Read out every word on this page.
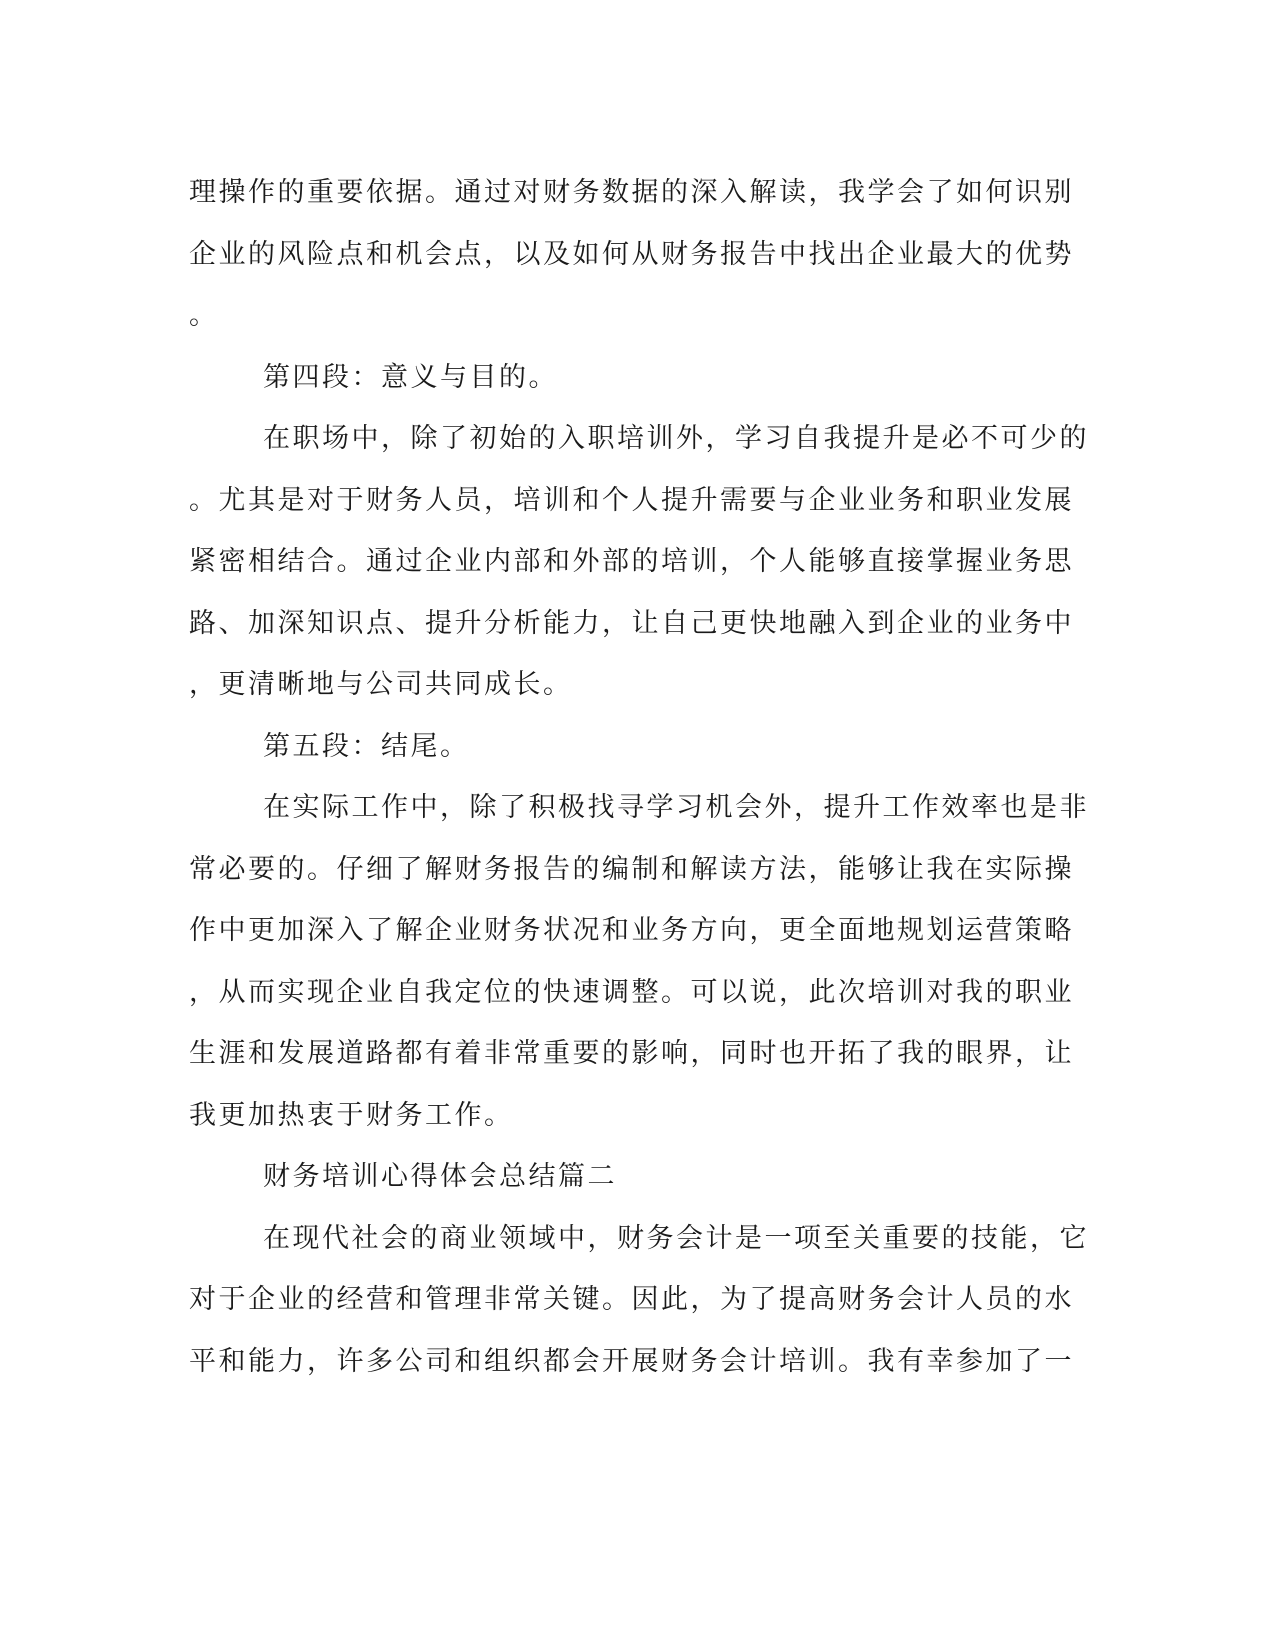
理操作的重要依据。通过对财务数据的深入解读，我学会了如何识别
企业的风险点和机会点，以及如何从财务报告中找出企业最大的优势
。
第四段：意义与目的。
在职场中，除了初始的入职培训外，学习自我提升是必不可少的
。尤其是对于财务人员，培训和个人提升需要与企业业务和职业发展
紧密相结合。通过企业内部和外部的培训，个人能够直接掌握业务思
路、加深知识点、提升分析能力，让自己更快地融入到企业的业务中
，更清晰地与公司共同成长。
第五段：结尾。
在实际工作中，除了积极找寻学习机会外，提升工作效率也是非
常必要的。仔细了解财务报告的编制和解读方法，能够让我在实际操
作中更加深入了解企业财务状况和业务方向，更全面地规划运营策略
，从而实现企业自我定位的快速调整。可以说，此次培训对我的职业
生涯和发展道路都有着非常重要的影响，同时也开拓了我的眼界，让
我更加热衷于财务工作。
财务培训心得体会总结篇二
在现代社会的商业领域中，财务会计是一项至关重要的技能，它
对于企业的经营和管理非常关键。因此，为了提高财务会计人员的水
平和能力，许多公司和组织都会开展财务会计培训。我有幸参加了一
